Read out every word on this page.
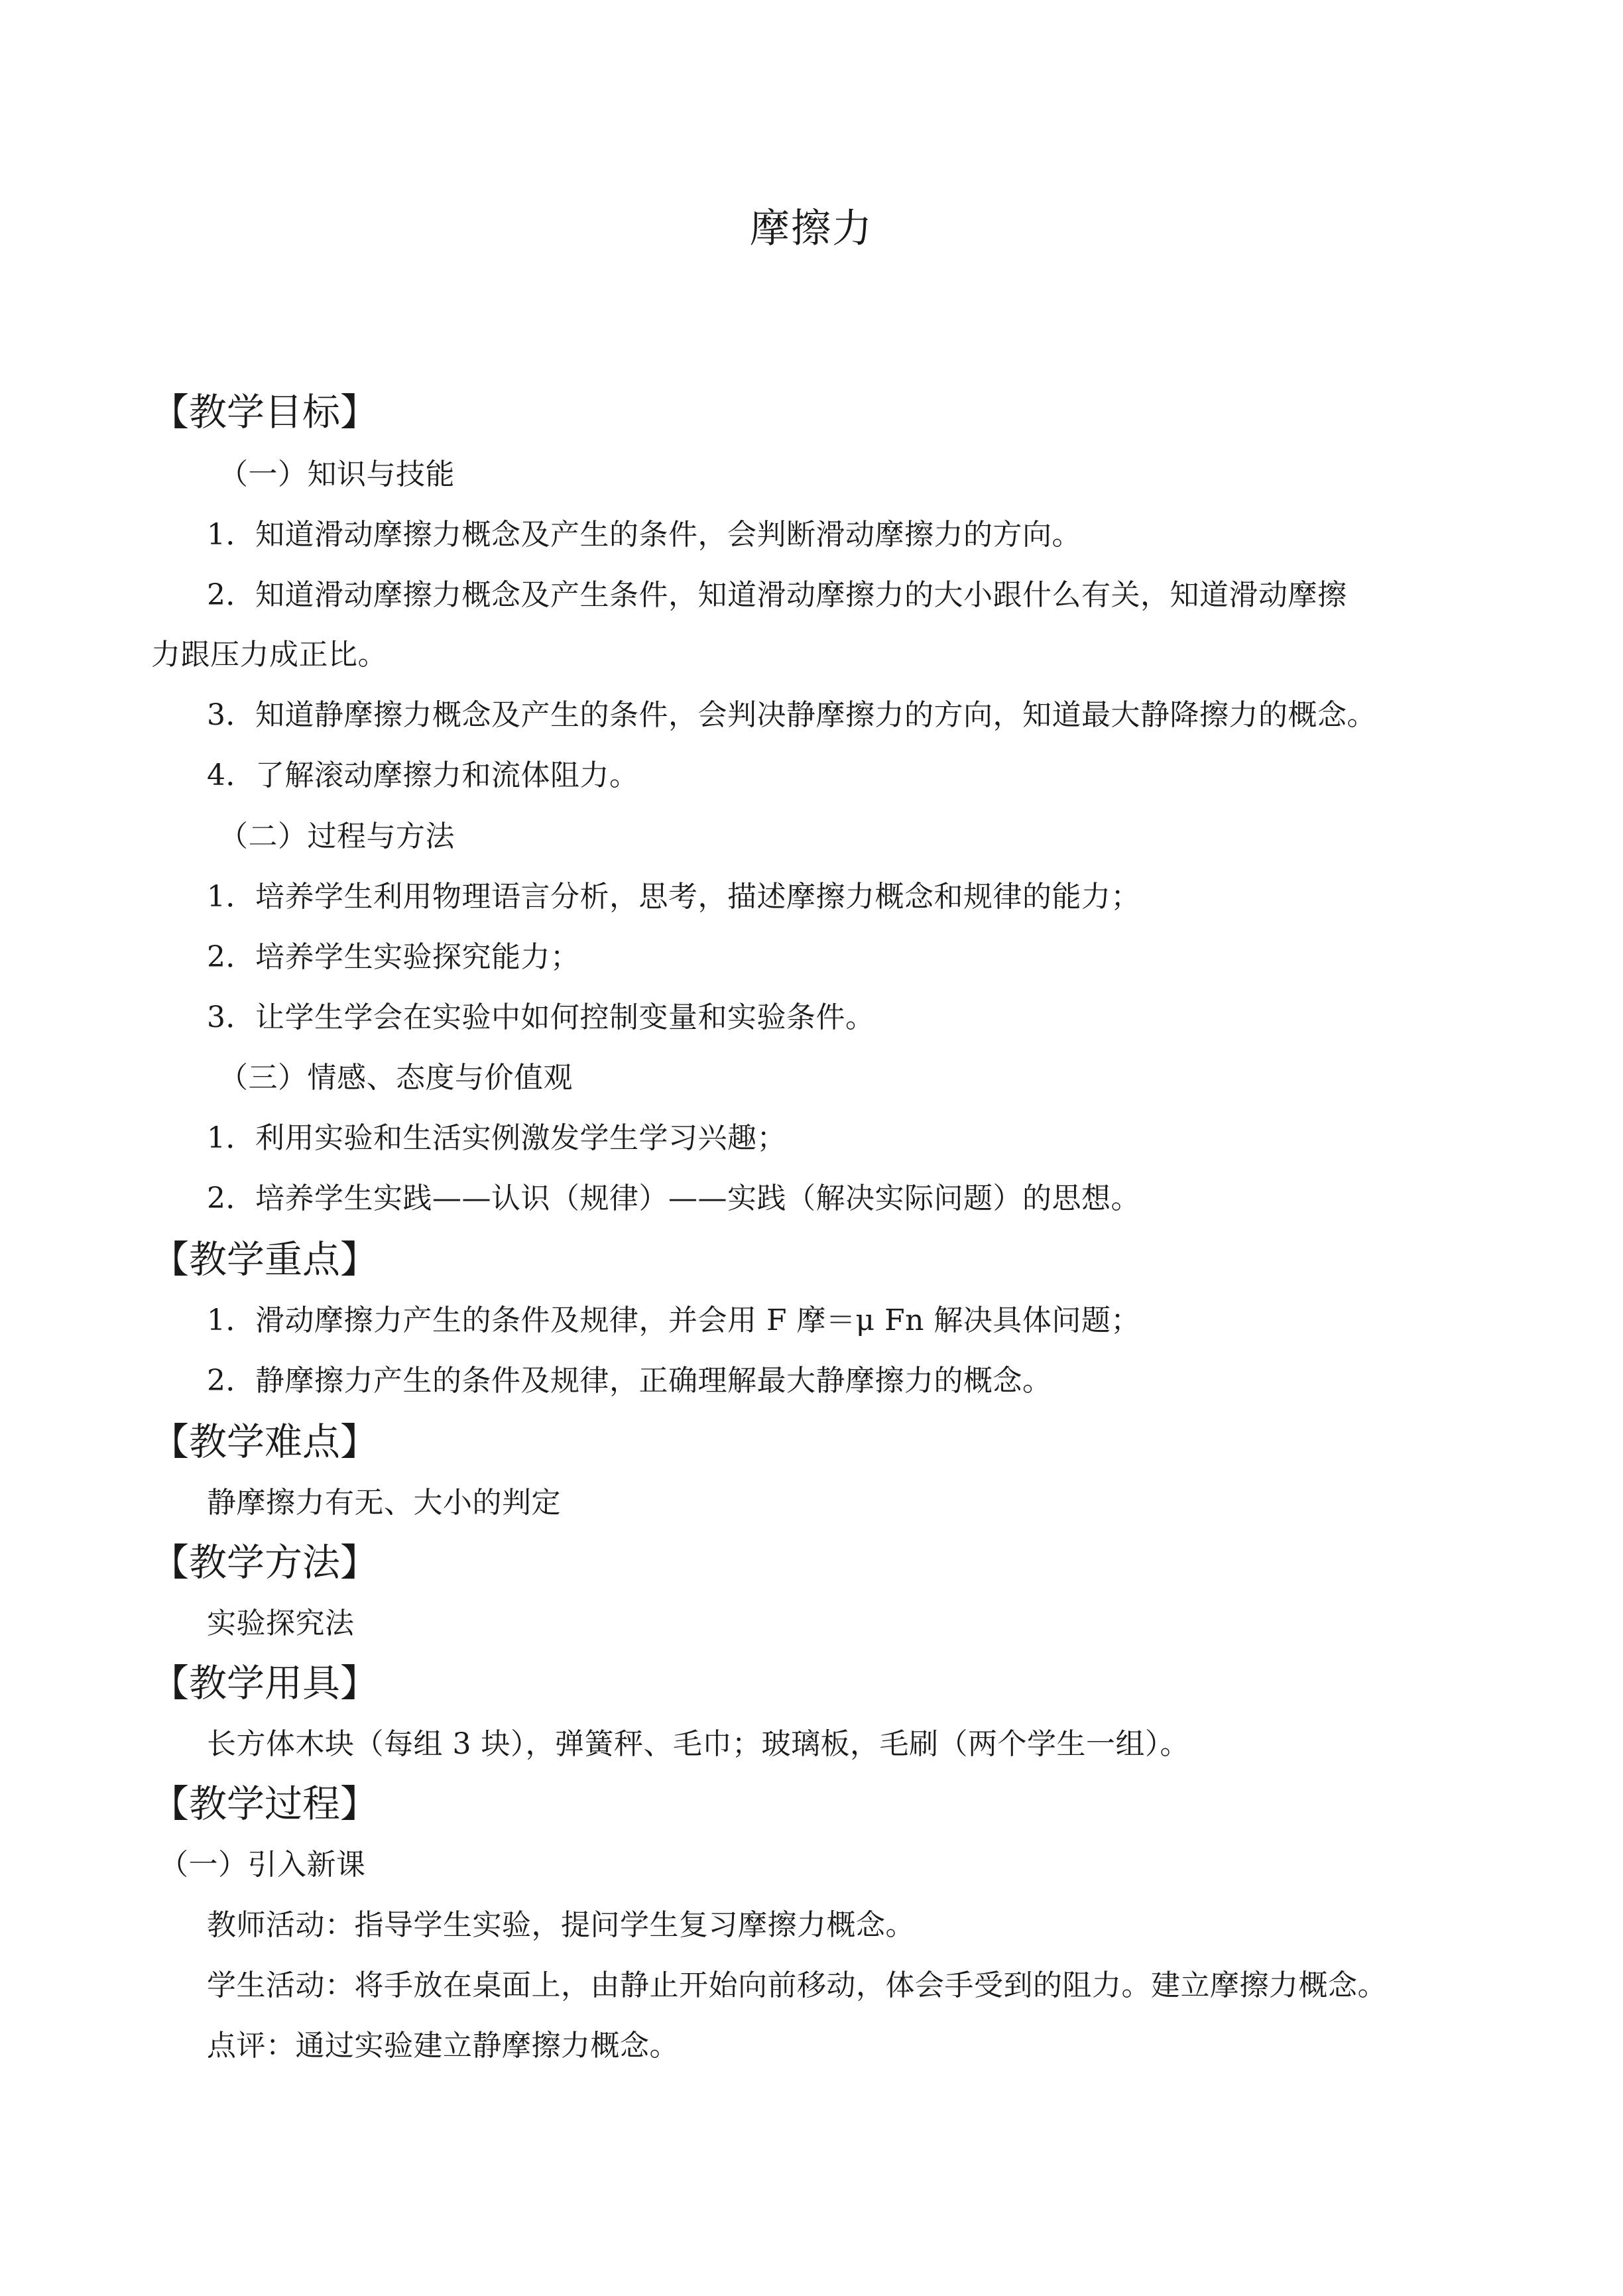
摩擦力
【教学目标】
（一）知识与技能
1．知道滑动摩擦力概念及产生的条件，会判断滑动摩擦力的方向。
2．知道滑动摩擦力概念及产生条件，知道滑动摩擦力的大小跟什么有关，知道滑动摩擦
力跟压力成正比。
3．知道静摩擦力概念及产生的条件，会判决静摩擦力的方向，知道最大静降擦力的概念。
4．了解滚动摩擦力和流体阻力。
（二）过程与方法
1．培养学生利用物理语言分析，思考，描述摩擦力概念和规律的能力；
2．培养学生实验探究能力；
3．让学生学会在实验中如何控制变量和实验条件。
（三）情感、态度与价值观
1．利用实验和生活实例激发学生学习兴趣；
2．培养学生实践——认识（规律）——实践（解决实际问题）的思想。
【教学重点】
1．滑动摩擦力产生的条件及规律，并会用 F 摩＝μ Fn 解决具体问题；
2．静摩擦力产生的条件及规律，正确理解最大静摩擦力的概念。
【教学难点】
静摩擦力有无、大小的判定
【教学方法】
实验探究法
【教学用具】
长方体木块（每组 3 块），弹簧秤、毛巾；玻璃板，毛刷（两个学生一组）。
【教学过程】
（一）引入新课
教师活动：指导学生实验，提问学生复习摩擦力概念。
学生活动：将手放在桌面上，由静止开始向前移动，体会手受到的阻力。建立摩擦力概念。
点评：通过实验建立静摩擦力概念。
